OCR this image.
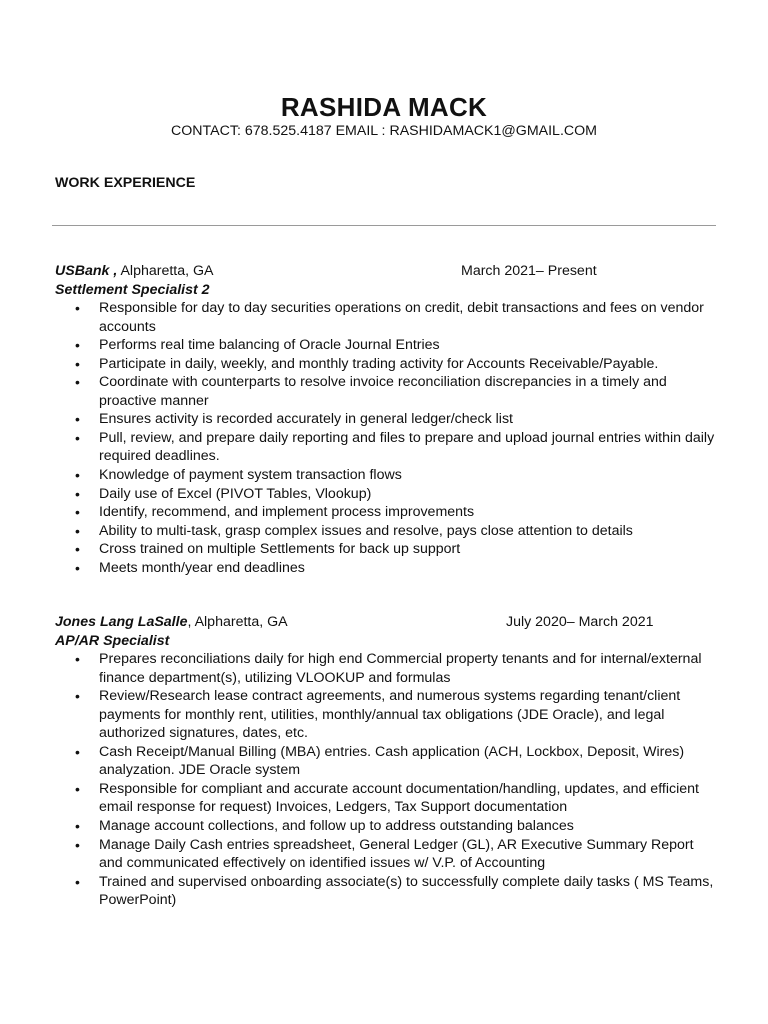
RASHIDA MACK
CONTACT: 678.525.4187 EMAIL : RASHIDAMACK1@GMAIL.COM
WORK EXPERIENCE
USBank , Alpharetta, GA	March 2021– Present
Settlement Specialist 2
• Responsible for day to day securities operations on credit, debit transactions and fees on vendor accounts
• Performs real time balancing of Oracle Journal Entries
• Participate in daily, weekly, and monthly trading activity for Accounts Receivable/Payable.
• Coordinate with counterparts to resolve invoice reconciliation discrepancies in a timely and proactive manner
• Ensures activity is recorded accurately in general ledger/check list
• Pull, review, and prepare daily reporting and files to prepare and upload journal entries within daily required deadlines.
• Knowledge of payment system transaction flows
• Daily use of Excel (PIVOT Tables, Vlookup)
• Identify, recommend, and implement process improvements
• Ability to multi-task, grasp complex issues and resolve, pays close attention to details
• Cross trained on multiple Settlements for back up support
• Meets month/year end deadlines
Jones Lang LaSalle, Alpharetta, GA	July 2020– March 2021
AP/AR Specialist
• Prepares reconciliations daily for high end Commercial property tenants and for internal/external finance department(s), utilizing VLOOKUP and formulas
• Review/Research lease contract agreements, and numerous systems regarding tenant/client payments for monthly rent, utilities, monthly/annual tax obligations (JDE Oracle), and legal authorized signatures, dates, etc.
• Cash Receipt/Manual Billing (MBA) entries. Cash application (ACH, Lockbox, Deposit, Wires) analyzation. JDE Oracle system
• Responsible for compliant and accurate account documentation/handling, updates, and efficient email response for request) Invoices, Ledgers, Tax Support documentation
• Manage account collections, and follow up to address outstanding balances
• Manage Daily Cash entries spreadsheet, General Ledger (GL), AR Executive Summary Report and communicated effectively on identified issues w/ V.P. of Accounting
• Trained and supervised onboarding associate(s) to successfully complete daily tasks ( MS Teams, PowerPoint)
